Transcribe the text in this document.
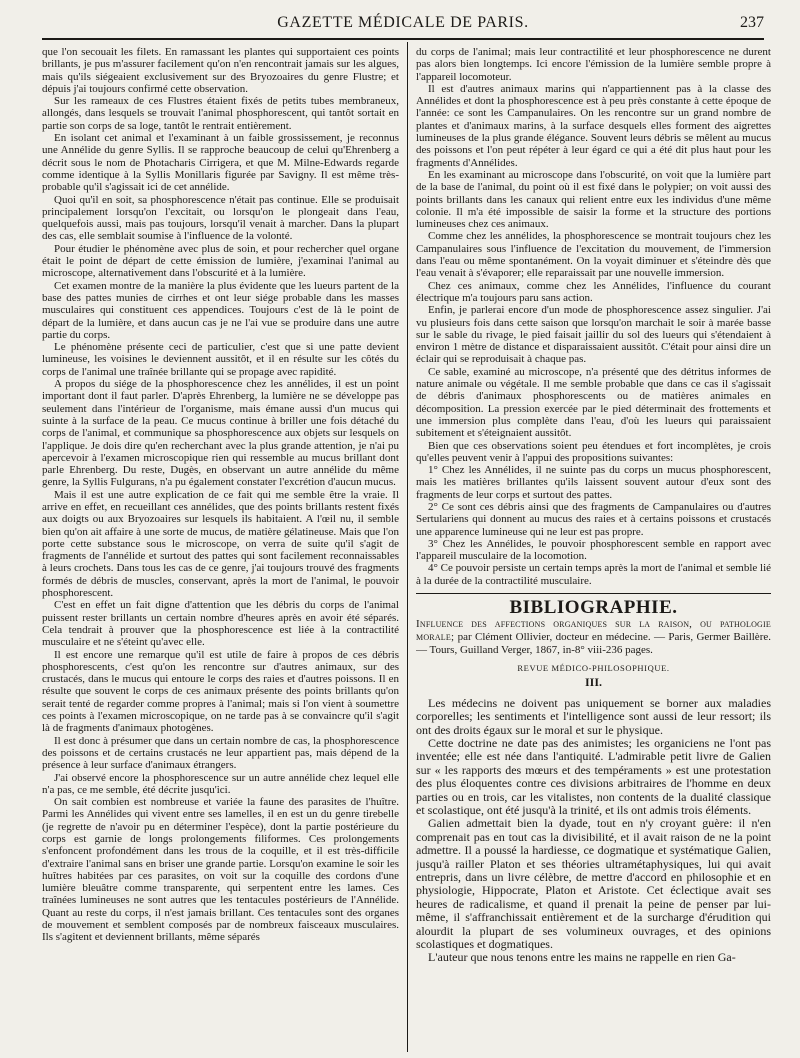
GAZETTE MÉDICALE DE PARIS.	237

que l'on secouait les filets. En ramassant les plantes qui supportaient ces points brillants, je pus m'assurer facilement qu'on n'en rencontrait jamais sur les algues, mais qu'ils siégeaient exclusivement sur des Bryozoaires du genre Flustre; et dépuis j'ai toujours confirmé cette observation.

Sur les rameaux de ces Flustres étaient fixés de petits tubes membraneux, allongés, dans lesquels se trouvait l'animal phosphorescent, qui tantôt sortait en partie son corps de sa loge, tantôt le rentrait entièrement.

En isolant cet animal et l'examinant à un faible grossissement, je reconnus une Annélide du genre Syllis. Il se rapproche beaucoup de celui qu'Ehrenberg a décrit sous le nom de Photacharis Cirrigera, et que M. Milne-Edwards regarde comme identique à la Syllis Monillaris figurée par Savigny. Il est même très-probable qu'il s'agissait ici de cet annélide.

Quoi qu'il en soit, sa phosphorescence n'était pas continue. Elle se produisait principalement lorsqu'on l'excitait, ou lorsqu'on le plongeait dans l'eau, quelquefois aussi, mais pas toujours, lorsqu'il venait à marcher. Dans la plupart des cas, elle semblait soumise à l'influence de la volonté.

Pour étudier le phénomène avec plus de soin, et pour rechercher quel organe était le point de départ de cette émission de lumière, j'examinai l'animal au microscope, alternativement dans l'obscurité et à la lumière.

Cet examen montre de la manière la plus évidente que les lueurs partent de la base des pattes munies de cirrhes et ont leur siége probable dans les masses musculaires qui constituent ces appendices. Toujours c'est de là le point de départ de la lumière, et dans aucun cas je ne l'ai vue se produire dans une autre partie du corps.

Le phénomène présente ceci de particulier, c'est que si une patte devient lumineuse, les voisines le deviennent aussitôt, et il en résulte sur les côtés du corps de l'animal une traînée brillante qui se propage avec rapidité.

A propos du siége de la phosphorescence chez les annélides, il est un point important dont il faut parler. D'après Ehrenberg, la lumière ne se développe pas seulement dans l'intérieur de l'organisme, mais émane aussi d'un mucus qui suinte à la surface de la peau. Ce mucus continue à briller une fois détaché du corps de l'animal, et communique sa phosphorescence aux objets sur lesquels on l'applique. Je dois dire qu'en recherchant avec la plus grande attention, je n'ai pu apercevoir à l'examen microscopique rien qui ressemble au mucus brillant dont parle Ehrenberg. Du reste, Dugès, en observant un autre annélide du même genre, la Syllis Fulgurans, n'a pu également constater l'excrétion d'aucun mucus.

Mais il est une autre explication de ce fait qui me semble être la vraie. Il arrive en effet, en recueillant ces annélides, que des points brillants restent fixés aux doigts ou aux Bryozoaires sur lesquels ils habitaient. A l'œil nu, il semble bien qu'on ait affaire à une sorte de mucus, de matière gélatineuse. Mais que l'on porte cette substance sous le microscope, on verra de suite qu'il s'agit de fragments de l'annélide et surtout des pattes qui sont facilement reconnaissables à leurs crochets. Dans tous les cas de ce genre, j'ai toujours trouvé des fragments formés de débris de muscles, conservant, après la mort de l'animal, le pouvoir phosphorescent.

C'est en effet un fait digne d'attention que les débris du corps de l'animal puissent rester brillants un certain nombre d'heures après en avoir été séparés. Cela tendrait à prouver que la phosphorescence est liée à la contractilité musculaire et ne s'éteint qu'avec elle.

Il est encore une remarque qu'il est utile de faire à propos de ces débris phosphorescents, c'est qu'on les rencontre sur d'autres animaux, sur des crustacés, dans le mucus qui entoure le corps des raies et d'autres poissons. Il en résulte que souvent le corps de ces animaux présente des points brillants qu'on serait tenté de regarder comme propres à l'animal; mais si l'on vient à soumettre ces points à l'examen microscopique, on ne tarde pas à se convaincre qu'il s'agit là de fragments d'animaux photogènes.

Il est donc à présumer que dans un certain nombre de cas, la phosphorescence des poissons et de certains crustacés ne leur appartient pas, mais dépend de la présence à leur surface d'animaux étrangers.

J'ai observé encore la phosphorescence sur un autre annélide chez lequel elle n'a pas, ce me semble, été décrite jusqu'ici.

On sait combien est nombreuse et variée la faune des parasites de l'huître. Parmi les Annélides qui vivent entre ses lamelles, il en est un du genre tirebelle (je regrette de n'avoir pu en déterminer l'espèce), dont la partie postérieure du corps est garnie de longs prolongements filiformes. Ces prolongements s'enfoncent profondément dans les trous de la coquille, et il est très-difficile d'extraire l'animal sans en briser une grande partie. Lorsqu'on examine le soir les huîtres habitées par ces parasites, on voit sur la coquille des cordons d'une lumière bleuâtre comme transparente, qui serpentent entre les lames. Ces traînées lumineuses ne sont autres que les tentacules postérieurs de l'Annélide. Quant au reste du corps, il n'est jamais brillant. Ces tentacules sont des organes de mouvement et semblent composés par de nombreux faisceaux musculaires. Ils s'agitent et deviennent brillants, même séparés

du corps de l'animal; mais leur contractilité et leur phosphorescence ne durent pas alors bien longtemps. Ici encore l'émission de la lumière semble propre à l'appareil locomoteur.

Il est d'autres animaux marins qui n'appartiennent pas à la classe des Annélides et dont la phosphorescence est à peu près constante à cette époque de l'année: ce sont les Campanulaires. On les rencontre sur un grand nombre de plantes et d'animaux marins, à la surface desquels elles forment des aigrettes lumineuses de la plus grande élégance. Souvent leurs débris se mêlent au mucus des poissons et l'on peut répéter à leur égard ce qui a été dit plus haut pour les fragments d'Annélides.

En les examinant au microscope dans l'obscurité, on voit que la lumière part de la base de l'animal, du point où il est fixé dans le polypier; on voit aussi des points brillants dans les canaux qui relient entre eux les individus d'une même colonie. Il m'a été impossible de saisir la forme et la structure des portions lumineuses chez ces animaux.

Comme chez les annélides, la phosphorescence se montrait toujours chez les Campanulaires sous l'influence de l'excitation du mouvement, de l'immersion dans l'eau ou même spontanément. On la voyait diminuer et s'éteindre dès que l'eau venait à s'évaporer; elle reparaissait par une nouvelle immersion.

Chez ces animaux, comme chez les Annélides, l'influence du courant électrique m'a toujours paru sans action.

Enfin, je parlerai encore d'un mode de phosphorescence assez singulier. J'ai vu plusieurs fois dans cette saison que lorsqu'on marchait le soir à marée basse sur le sable du rivage, le pied faisait jaillir du sol des lueurs qui s'étendaient à environ 1 mètre de distance et disparaissaient aussitôt. C'était pour ainsi dire un éclair qui se reproduisait à chaque pas.

Ce sable, examiné au microscope, n'a présenté que des détritus informes de nature animale ou végétale. Il me semble probable que dans ce cas il s'agissait de débris d'animaux phosphorescents ou de matières animales en décomposition. La pression exercée par le pied déterminait des frottements et une immersion plus complète dans l'eau, d'où les lueurs qui paraissaient subitement et s'éteignaient aussitôt.

Bien que ces observations soient peu étendues et fort incomplètes, je crois qu'elles peuvent venir à l'appui des propositions suivantes:

1° Chez les Annélides, il ne suinte pas du corps un mucus phosphorescent, mais les matières brillantes qu'ils laissent souvent autour d'eux sont des fragments de leur corps et surtout des pattes.

2° Ce sont ces débris ainsi que des fragments de Campanulaires ou d'autres Sertulariens qui donnent au mucus des raies et à certains poissons et crustacés une apparence lumineuse qui ne leur est pas propre.

3° Chez les Annélides, le pouvoir phosphorescent semble en rapport avec l'appareil musculaire de la locomotion.

4° Ce pouvoir persiste un certain temps après la mort de l'animal et semble lié à la durée de la contractilité musculaire.

BIBLIOGRAPHIE.
Influence des affections organiques sur la raison, ou pathologie morale; par Clément Ollivier, docteur en médecine. — Paris, Germer Baillère. — Tours, Guilland Verger, 1867, in-8° viii-236 pages.
REVUE MÉDICO-PHILOSOPHIQUE.
III.

Les médecins ne doivent pas uniquement se borner aux maladies corporelles; les sentiments et l'intelligence sont aussi de leur ressort; ils ont des droits égaux sur le moral et sur le physique.

Cette doctrine ne date pas des animistes; les organiciens ne l'ont pas inventée; elle est née dans l'antiquité. L'admirable petit livre de Galien sur « les rapports des mœurs et des tempéraments » est une protestation des plus éloquentes contre ces divisions arbitraires de l'homme en deux parties ou en trois, car les vitalistes, non contents de la dualité classique et scolastique, ont été jusqu'à la trinité, et ils ont admis trois éléments.

Galien admettait bien la dyade, tout en n'y croyant guère: il n'en comprenait pas en tout cas la divisibilité, et il avait raison de ne la point admettre. Il a poussé la hardiesse, ce dogmatique et systématique Galien, jusqu'à railler Platon et ses théories ultramétaphysiques, lui qui avait entrepris, dans un livre célèbre, de mettre d'accord en philosophie et en physiologie, Hippocrate, Platon et Aristote. Cet éclectique avait ses heures de radicalisme, et quand il prenait la peine de penser par lui-même, il s'affranchissait entièrement et de la surcharge d'érudition qui alourdit la plupart de ses volumineux ouvrages, et des opinions scolastiques et dogmatiques.

L'auteur que nous tenons entre les mains ne rappelle en rien Ga-
